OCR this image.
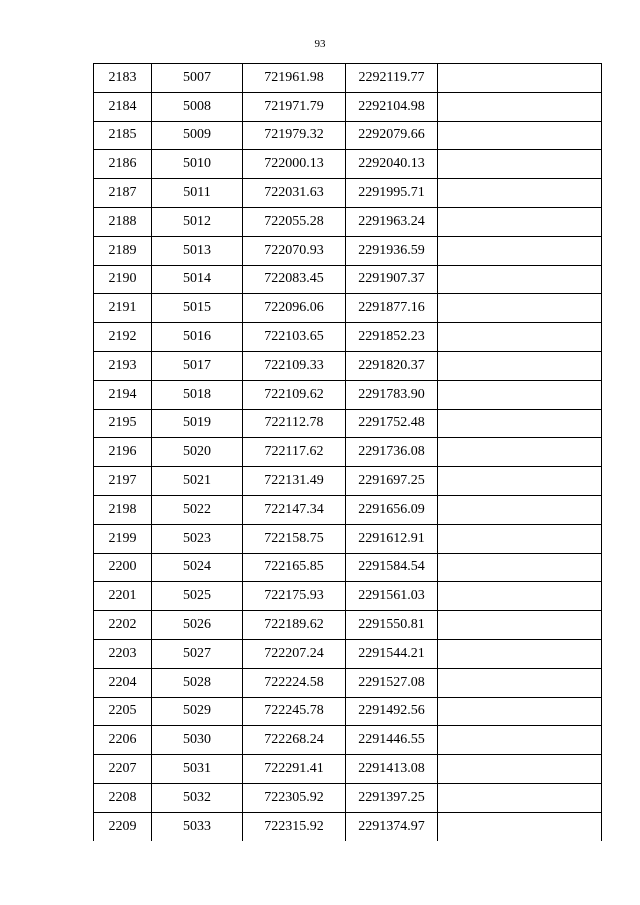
93
2183	5007	721961.98	2292119.77	
2184	5008	721971.79	2292104.98	
2185	5009	721979.32	2292079.66	
2186	5010	722000.13	2292040.13	
2187	5011	722031.63	2291995.71	
2188	5012	722055.28	2291963.24	
2189	5013	722070.93	2291936.59	
2190	5014	722083.45	2291907.37	
2191	5015	722096.06	2291877.16	
2192	5016	722103.65	2291852.23	
2193	5017	722109.33	2291820.37	
2194	5018	722109.62	2291783.90	
2195	5019	722112.78	2291752.48	
2196	5020	722117.62	2291736.08	
2197	5021	722131.49	2291697.25	
2198	5022	722147.34	2291656.09	
2199	5023	722158.75	2291612.91	
2200	5024	722165.85	2291584.54	
2201	5025	722175.93	2291561.03	
2202	5026	722189.62	2291550.81	
2203	5027	722207.24	2291544.21	
2204	5028	722224.58	2291527.08	
2205	5029	722245.78	2291492.56	
2206	5030	722268.24	2291446.55	
2207	5031	722291.41	2291413.08	
2208	5032	722305.92	2291397.25	
2209	5033	722315.92	2291374.97	
